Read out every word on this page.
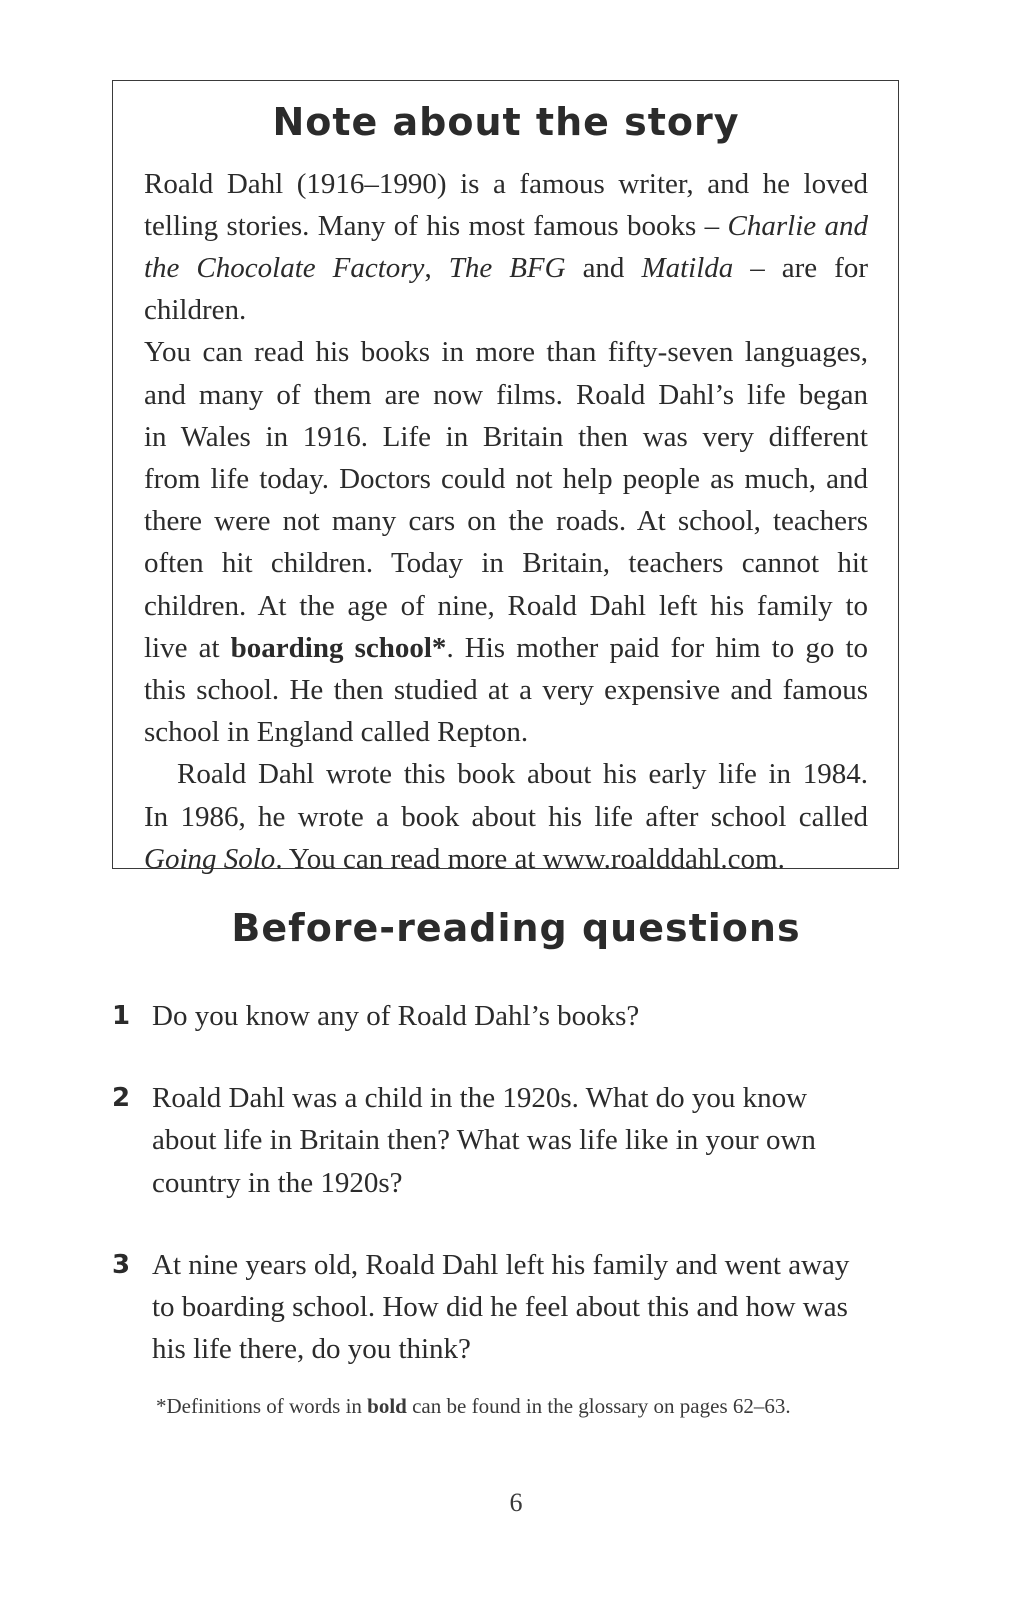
Note about the story

Roald Dahl (1916–1990) is a famous writer, and he loved
telling stories. Many of his most famous books – Charlie and
the Chocolate Factory, The BFG and Matilda – are for children.
You can read his books in more than fifty-seven languages,
and many of them are now films. Roald Dahl’s life began
in Wales in 1916. Life in Britain then was very different
from life today. Doctors could not help people as much, and
there were not many cars on the roads. At school, teachers
often hit children. Today in Britain, teachers cannot hit
children. At the age of nine, Roald Dahl left his family to
live at boarding school*. His mother paid for him to go to
this school. He then studied at a very expensive and famous
school in England called Repton.

Roald Dahl wrote this book about his early life in 1984.
In 1986, he wrote a book about his life after school called
Going Solo. You can read more at www.roalddahl.com.

Before-reading questions
1 Do you know any of Roald Dahl’s books?
2 Roald Dahl was a child in the 1920s. What do you know
about life in Britain then? What was life like in your own
country in the 1920s?
3 At nine years old, Roald Dahl left his family and went away
to boarding school. How did he feel about this and how was
his life there, do you think?
*Definitions of words in bold can be found in the glossary on pages 62–63.
6
